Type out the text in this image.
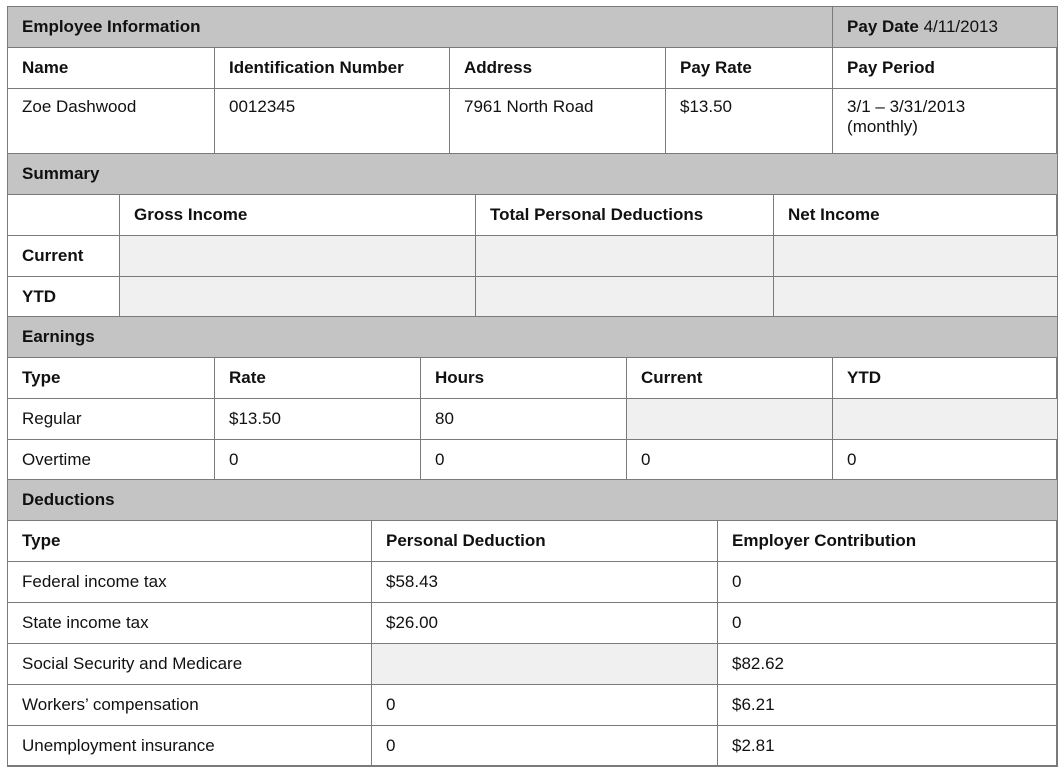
Employee Information				Pay Date 4/11/2013
Name	Identification Number	Address	Pay Rate	Pay Period
Zoe Dashwood	0012345	7961 North Road	$13.50	3/1 – 3/31/2013
(monthly)
Summary			
	Gross Income	Total Personal Deductions	Net Income
Current			
YTD			
Earnings				
Type	Rate	Hours	Current	YTD
Regular	$13.50	80		
Overtime	0	0	0	0
Deductions		
Type	Personal Deduction	Employer Contribution
Federal income tax	$58.43	0
State income tax	$26.00	0
Social Security and Medicare		$82.62
Workers’ compensation	0	$6.21
Unemployment insurance	0	$2.81
